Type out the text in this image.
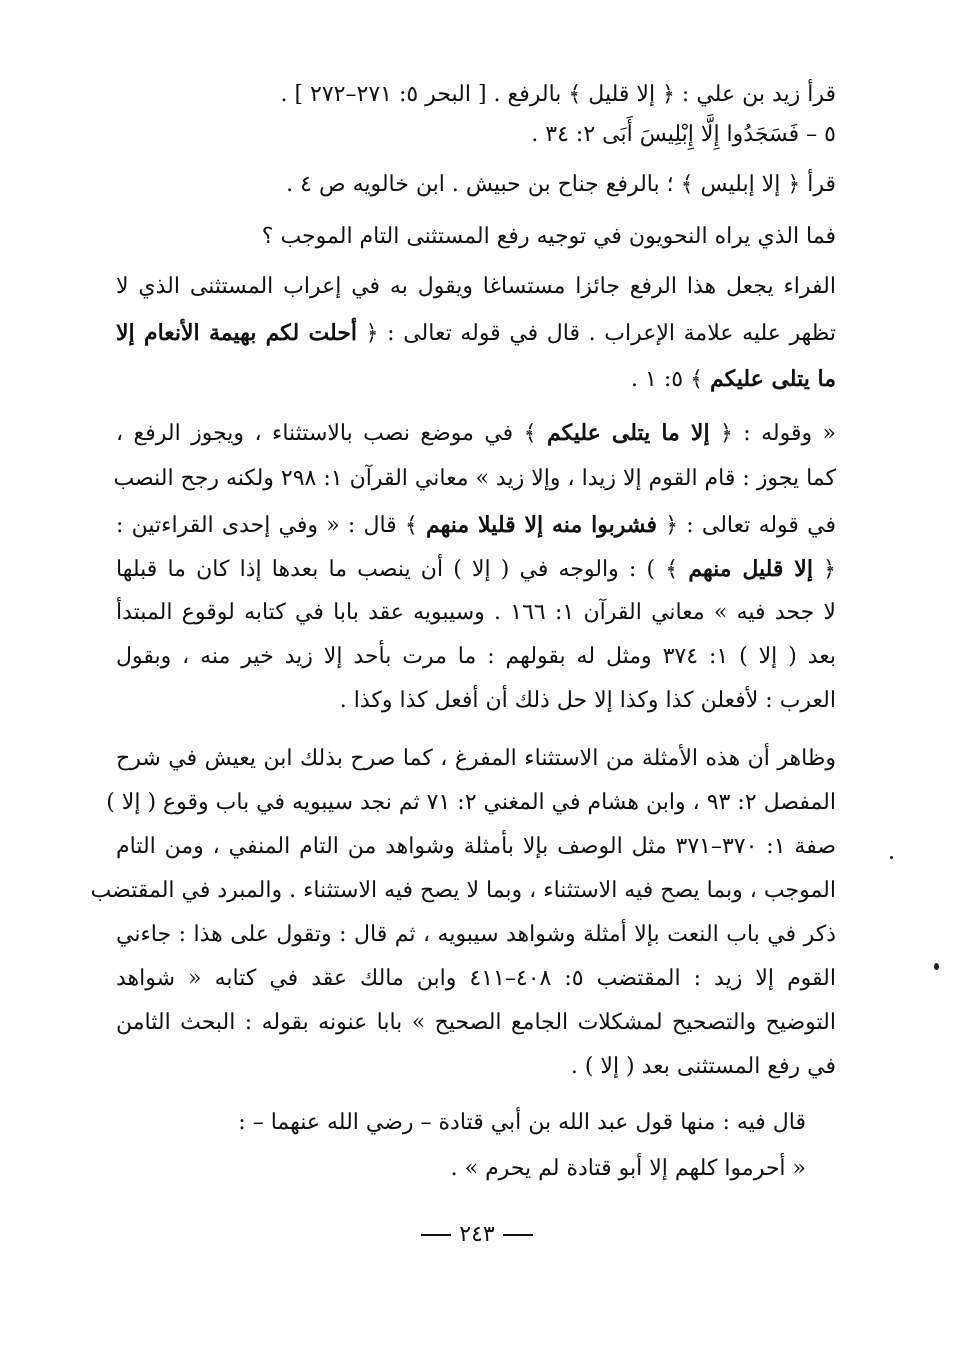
قرأ زيد بن علي : ﴿ إلا قليل ﴾ بالرفع . [ البحر ٥: ٢٧١–٢٧٢ ] .
٥ – فَسَجَدُوا إِلَّا إِبْلِيسَ أَبَى ٢: ٣٤ .
قرأ ﴿ إلا إبليس ﴾ ؛ بالرفع جناح بن حبيش . ابن خالويه ص ٤ .
فما الذي يراه النحويون في توجيه رفع المستثنى التام الموجب ؟
الفراء يجعل هذا الرفع جائزا مستساغا ويقول به في إعراب المستثنى الذي لا
تظهر عليه علامة الإعراب . قال في قوله تعالى : ﴿ أحلت لكم بهيمة الأنعام إلا
ما يتلى عليكم ﴾ ٥: ١ .
« وقوله : ﴿ إلا ما يتلى عليكم ﴾ في موضع نصب بالاستثناء ، ويجوز الرفع ،
كما يجوز : قام القوم إلا زيدا ، وإلا زيد » معاني القرآن ١: ٢٩٨ ولكنه رجح النصب
في قوله تعالى : ﴿ فشربوا منه إلا قليلا منهم ﴾ قال : « وفي إحدى القراءتين :
﴿ إلا قليل منهم ﴾ ) : والوجه في ( إلا ) أن ينصب ما بعدها إذا كان ما قبلها
لا جحد فيه » معاني القرآن ١: ١٦٦ . وسيبويه عقد بابا في كتابه لوقوع المبتدأ
بعد ( إلا ) ١: ٣٧٤ ومثل له بقولهم : ما مرت بأحد إلا زيد خير منه ، وبقول
العرب : لأفعلن كذا وكذا إلا حل ذلك أن أفعل كذا وكذا .
وظاهر أن هذه الأمثلة من الاستثناء المفرغ ، كما صرح بذلك ابن يعيش في شرح
المفصل ٢: ٩٣ ، وابن هشام في المغني ٢: ٧١ ثم نجد سيبويه في باب وقوع ( إلا )
صفة ١: ٣٧٠–٣٧١ مثل الوصف بإلا بأمثلة وشواهد من التام المنفي ، ومن التام
الموجب ، وبما يصح فيه الاستثناء ، وبما لا يصح فيه الاستثناء . والمبرد في المقتضب
ذكر في باب النعت بإلا أمثلة وشواهد سيبويه ، ثم قال : وتقول على هذا : جاءني
القوم إلا زيد : المقتضب ٥: ٤٠٨–٤١١ وابن مالك عقد في كتابه « شواهد
التوضيح والتصحيح لمشكلات الجامع الصحيح » بابا عنونه بقوله : البحث الثامن
في رفع المستثنى بعد ( إلا ) .
قال فيه : منها قول عبد الله بن أبي قتادة – رضي الله عنهما – :
« أحرموا كلهم إلا أبو قتادة لم يحرم » .
٢٤٣
